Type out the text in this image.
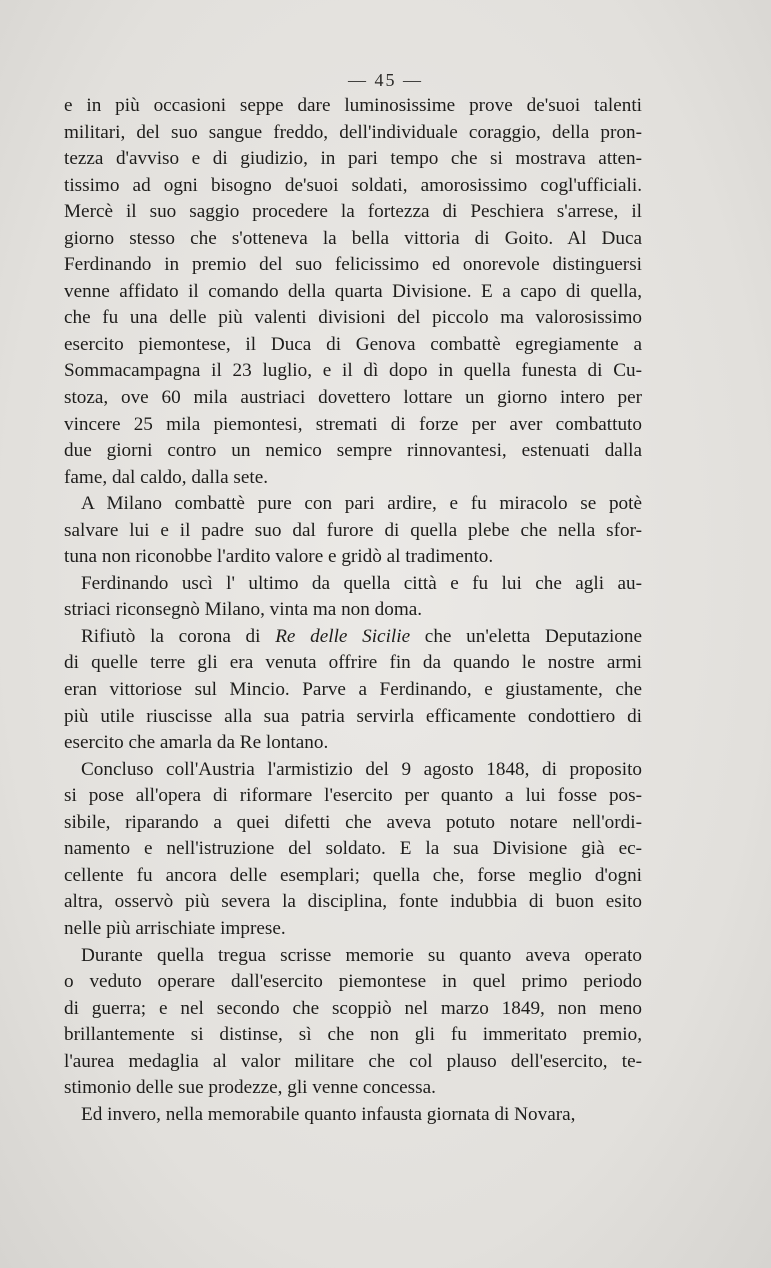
— 45 —
e in più occasioni seppe dare luminosissime prove de'suoi talenti
militari, del suo sangue freddo, dell'individuale coraggio, della pron-
tezza d'avviso e di giudizio, in pari tempo che si mostrava atten-
tissimo ad ogni bisogno de'suoi soldati, amorosissimo cogl'ufficiali.
Mercè il suo saggio procedere la fortezza di Peschiera s'arrese, il
giorno stesso che s'otteneva la bella vittoria di Goito. Al Duca
Ferdinando in premio del suo felicissimo ed onorevole distinguersi
venne affidato il comando della quarta Divisione. E a capo di quella,
che fu una delle più valenti divisioni del piccolo ma valorosissimo
esercito piemontese, il Duca di Genova combattè egregiamente a
Sommacampagna il 23 luglio, e il dì dopo in quella funesta di Cu-
stoza, ove 60 mila austriaci dovettero lottare un giorno intero per
vincere 25 mila piemontesi, stremati di forze per aver combattuto
due giorni contro un nemico sempre rinnovantesi, estenuati dalla
fame, dal caldo, dalla sete.
A Milano combattè pure con pari ardire, e fu miracolo se potè
salvare lui e il padre suo dal furore di quella plebe che nella sfor-
tuna non riconobbe l'ardito valore e gridò al tradimento.
Ferdinando uscì l' ultimo da quella città e fu lui che agli au-
striaci riconsegnò Milano, vinta ma non doma.
Rifiutò la corona di Re delle Sicilie che un'eletta Deputazione
di quelle terre gli era venuta offrire fin da quando le nostre armi
eran vittoriose sul Mincio. Parve a Ferdinando, e giustamente, che
più utile riuscisse alla sua patria servirla efficamente condottiero di
esercito che amarla da Re lontano.
Concluso coll'Austria l'armistizio del 9 agosto 1848, di proposito
si pose all'opera di riformare l'esercito per quanto a lui fosse pos-
sibile, riparando a quei difetti che aveva potuto notare nell'ordi-
namento e nell'istruzione del soldato. E la sua Divisione già ec-
cellente fu ancora delle esemplari; quella che, forse meglio d'ogni
altra, osservò più severa la disciplina, fonte indubbia di buon esito
nelle più arrischiate imprese.
Durante quella tregua scrisse memorie su quanto aveva operato
o veduto operare dall'esercito piemontese in quel primo periodo
di guerra; e nel secondo che scoppiò nel marzo 1849, non meno
brillantemente si distinse, sì che non gli fu immeritato premio,
l'aurea medaglia al valor militare che col plauso dell'esercito, te-
stimonio delle sue prodezze, gli venne concessa.
Ed invero, nella memorabile quanto infausta giornata di Novara,
